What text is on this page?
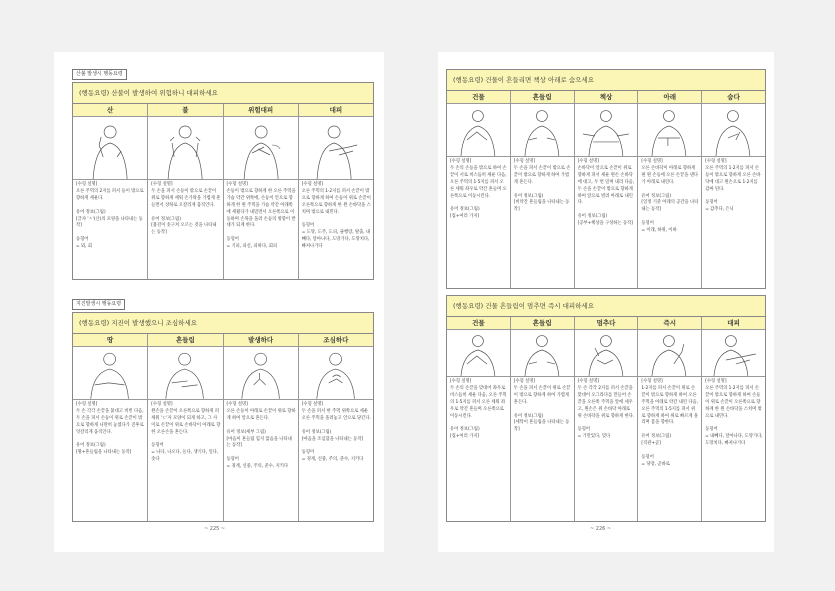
산불 발생시 행동요령
(행동요령) 산불이 발생하여 위험하니 대피하세요
산
[수형 설명]
오른 주먹의 2지를 펴서 등이 밖으로 향하게 세운다.

유어 정보(그림)
[글자 'ㅅ'(산)의 모양을 나타내는 동작]

동형어
= 뫼, 회
불
[수형 설명]
두 손을 펴서 손등이 밖으로 손끝이 위로 향하게 세워 손가락을 가볍게 흔들면서 상하로 오갈리게 움직인다.

유어 정보(그림)
[불길이 솟구쳐 오르는 것을 나타내는 동작]
위험대피
[수형 설명]
손등이 밖으로 향하게 한 오른 주먹을 가슴 약간 위쪽에, 손등이 안으로 향하게 한 왼 주먹을 가슴 약간 아래쪽에 세웠다가 내밀면서 오른쪽으로 이동하며 손목을 돌려 손등의 방향이 반대가 되게 한다.

동형어
= 기피, 피신, 피하다, 회피
대피
[수형 설명]
오른 주먹의 1·2지를 펴서 손끝이 밖으로 향하게 하여 손등이 위로 손끝이 오른쪽으로 향하게 한 왼 손바닥을 스치며 밖으로 내민다.

동형어
= 도망, 도주, 도피, 줄행랑, 탈출, 내빼다, 달아나다, 도망가다, 도망치다, 빠져나가다
지진발생시 행동요령
(행동요령) 지진이 발생했으니 조심하세요
땅
[수형 설명]
두 손 각각 손끝을 붙대고 비빈 다음, 두 손을 펴서 손등이 위로 손끝이 밖으로 향하게 나란히 놓였다가 진후로 엇갈리게 움직인다.

유어 정보(그림)
[땅+흔들림을 나타내는 동작]
흔들림
[수형 설명]
왼손을 손끝이 오른쪽으로 향하게 펴 세워 'ㄷ'자 모양이 되게 하고, 그 사이로 손끝이 위로 손바닥이 아래로 향한 오른손을 흔든다.

동형어
= 나다, 나오다, 돋다, 생기다, 일다, 솟다
발생하다
[수형 설명]
오른 손등이 아래로 손끝이 위로 향하게 하여 앞으로 흔든다.

유어 정보(세부 그림)
[마음이 흔들림 힘지 않음을 나타내는 동작]

동형어
= 경계, 신중, 주의, 준수, 지키다
조심하다
[수형 설명]
두 손을 펴서 한 주먹 위쪽으로 세운 오른 주먹을 올려놓고 안으로 당긴다.

유어 정보(그림)
[마음을 조심함을 나타내는 동작]

동형어
= 경계, 신중, 주의, 준수, 지키다
~ 225 ~
(행동요령) 건물이 흔들리면 책상 아래로 숨으세요
건물
[수형 설명]
두 손의 손등을 밖으로 하여 손끝이 서로 비스듬히 세운 다음, 오른 주먹의 1·5지를 펴서 오른 세워 좌우로 약간 흔들며 오른쪽으로 이동시킨다.

유어 정보(그림)
[집+여러 가지]
흔들림
[수형 설명]
두 손을 펴서 손끝이 밖으로 손끝이 밖으로 향하게 하여 가볍게 흔든다.

유어 정보(그림)
[비약간 흔들림을 나타내는 동작]
책상
[수형 설명]
손바닥이 앞으로 손끝이 위로 향하게 펴서 세운 왼손 손바닥에 대고, 두 번 밀며 내리 다음, 두 손을 손끝이 밖으로 향하게 하여 앞으로 벌려 아래로 내린다.

유어 정보(그림)
[공부+책상을 구성하는 동작]
아래
[수형 설명]
오른 손바닥이 아래로 향하게 편 왼 손등에 오른 손끝을 댄다가 아래로 내린다.

유어 정보(그림)
[일정 기준 아래의 공간을 나타내는 동작]

동형어
= 이래, 하위, 이하
숨다
[수형 설명]
오른 주먹의 1·2지를 펴서 손등이 밖으로 향하게 오른 손바닥에 대고 왼손으로 1·2지를 감싸 된다.

동형어
= 감추다, 은닉
(행동요령) 건물 흔들림이 멈추면 즉시 대피하세요
건물
[수형 설명]
두 손의 손끝을 맞대어 좌우로 비스듬히 세운 다음, 오른 주먹의 1·5지를 펴서 오른 세워 좌우로 약간 흔들며 오른쪽으로 이동시킨다.

유어 정보(그림)
[집+여러 가지]
흔들림
[수형 설명]
두 손을 펴서 손끝이 위로 손끝이 밖으로 향하게 하여 가볍게 흔든다.

유어 정보(그림)
[세탁이 흔들림을 나타내는 동작]
멈추다
[수형 설명]
두 손 각각 2지를 펴서 손끝을 맞대어 오그라다를 만들어 손끝을 오른쪽 주먹을 앞에 세우고, 왼손은 위 손바닥 아래로 위 손바닥을 위로 향하게 한다.

동형어
= 가만있다, 멎다
즉시
[수형 설명]
1·2지를 펴서 손끝이 위로 손끝이 밖으로 향하게 하여 오른 주먹을 아래로 약간 내린 다음, 오른 주먹의 1·5지를 펴서 위로 향하게 하여 위로 빠르게 올리며 몸을 향한다.

유어 정보(그림)
[직관+곧]

동형어
= 당장, 곧바로
대피
[수형 설명]
오른 주먹의 1·2지를 펴서 손끝이 밖으로 향하게 하여 손등이 위로 손끝이 오른쪽으로 향하게 한 왼 손바닥을 스치며 밖으로 내민다.

동형어
= 내빼다, 달아나다, 도망가다, 도망치다, 빠져나가다
~ 226 ~
